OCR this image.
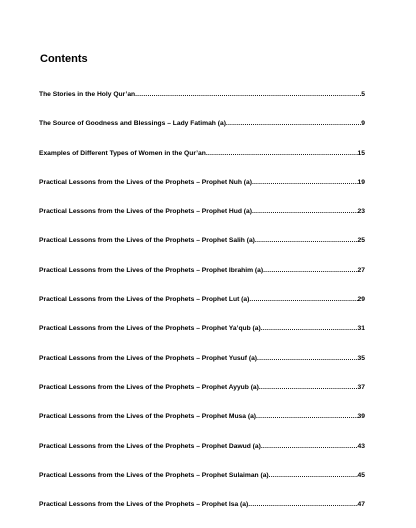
Contents
The Stories in the Holy Qur’an .....	5
The Source of Goodness and Blessings – Lady Fatimah (a) .....	9
Examples of Different Types of Women in the Qur’an .....	15
Practical Lessons from the Lives of the Prophets – Prophet Nuh (a) .....	19
Practical Lessons from the Lives of the Prophets – Prophet Hud (a) .....	23
Practical Lessons from the Lives of the Prophets – Prophet Salih (a) .....	25
Practical Lessons from the Lives of the Prophets – Prophet Ibrahim (a) .....	27
Practical Lessons from the Lives of the Prophets – Prophet Lut (a) .....	29
Practical Lessons from the Lives of the Prophets – Prophet Ya’qub (a) .....	31
Practical Lessons from the Lives of the Prophets – Prophet Yusuf (a) .....	35
Practical Lessons from the Lives of the Prophets – Prophet Ayyub (a) .....	37
Practical Lessons from the Lives of the Prophets – Prophet Musa (a) .....	39
Practical Lessons from the Lives of the Prophets – Prophet Dawud (a) .....	43
Practical Lessons from the Lives of the Prophets – Prophet Sulaiman (a) .....	45
Practical Lessons from the Lives of the Prophets – Prophet Isa (a) .....	47
